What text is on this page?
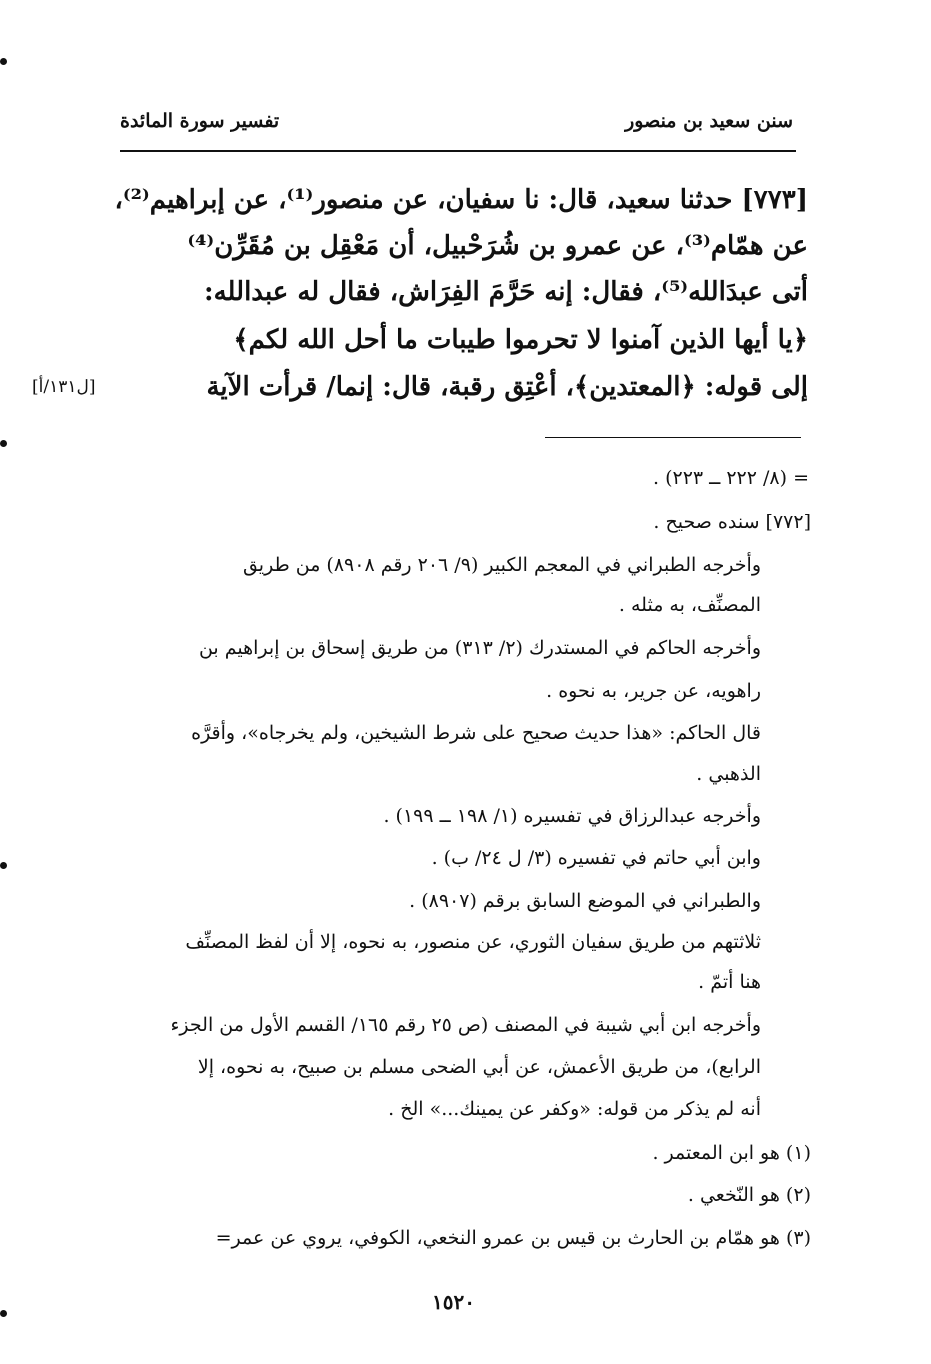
سنن سعيد بن منصور
تفسير سورة المائدة
[٧٧٣] حدثنا سعيد، قال: نا سفيان، عن منصور⁽¹⁾، عن إبراهيم⁽²⁾،
عن همّام⁽³⁾، عن عمرو بن شُرَحْبيل، أن مَعْقِل بن مُقَرِّن⁽⁴⁾
أتى عبدَالله⁽⁵⁾، فقال: إنه حَرَّمَ الفِرَاش، فقال له عبدالله:
﴿يا أيها الذين آمنوا لا تحرموا طيبات ما أحل الله لكم﴾
إلى قوله: ﴿المعتدين﴾، أعْتِق رقبة، قال: إنما/ قرأت الآية
[ل١٣١/أ]
= (٨/ ٢٢٢ ــ ٢٢٣) .
[٧٧٢] سنده صحيح .
وأخرجه الطبراني في المعجم الكبير (٩/ ٢٠٦ رقم ٨٩٠٨) من طريق
المصنِّف، به مثله .
وأخرجه الحاكم في المستدرك (٢/ ٣١٣) من طريق إسحاق بن إبراهيم بن
راهويه، عن جرير، به نحوه .
قال الحاكم: «هذا حديث صحيح على شرط الشيخين، ولم يخرجاه»، وأقرَّه
الذهبي .
وأخرجه عبدالرزاق في تفسيره (١/ ١٩٨ ــ ١٩٩) .
وابن أبي حاتم في تفسيره (٣/ ل ٢٤/ ب) .
والطبراني في الموضع السابق برقم (٨٩٠٧) .
ثلاثتهم من طريق سفيان الثوري، عن منصور، به نحوه، إلا أن لفظ المصنِّف
هنا أتمّ .
وأخرجه ابن أبي شيبة في المصنف (ص ٢٥ رقم ١٦٥/ القسم الأول من الجزء
الرابع)، من طريق الأعمش، عن أبي الضحى مسلم بن صبيح، به نحوه، إلا
أنه لم يذكر من قوله: «وكفر عن يمينك...» الخ .
(١) هو ابن المعتمر .
(٢) هو النّخعي .
(٣) هو همّام بن الحارث بن قيس بن عمرو النخعي، الكوفي، يروي عن عمر=
١٥٢٠
